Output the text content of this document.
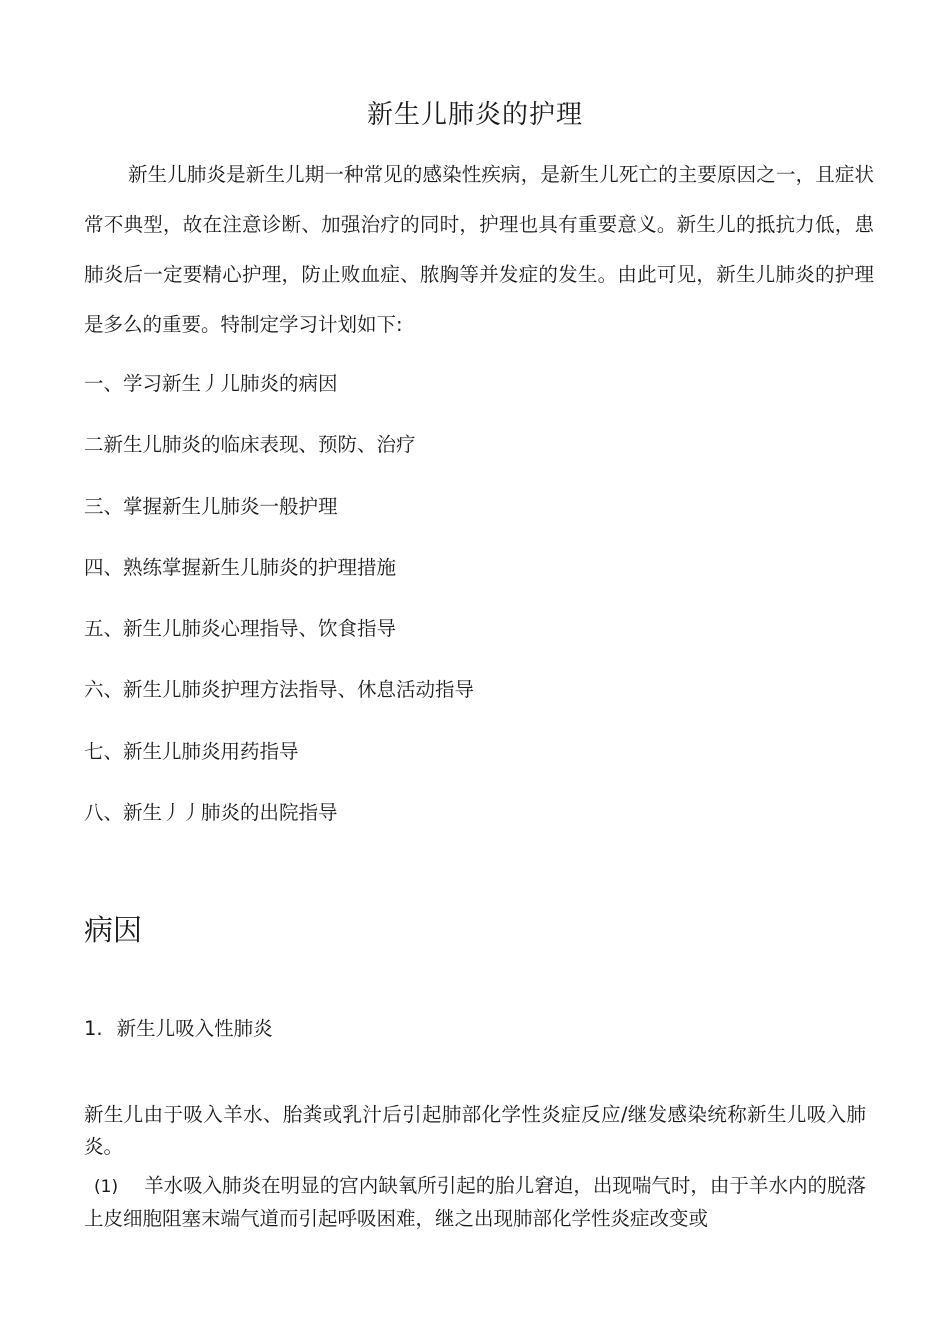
新生儿肺炎的护理

新生儿肺炎是新生儿期一种常见的感染性疾病，是新生儿死亡的主要原因之一，且症状常不典型，故在注意诊断、加强治疗的同时，护理也具有重要意义。新生儿的抵抗力低，患肺炎后一定要精心护理，防止败血症、脓胸等并发症的发生。由此可见，新生儿肺炎的护理是多么的重要。特制定学习计划如下:

一、学习新生丿儿肺炎的病因
二新生儿肺炎的临床表现、预防、治疗
三、掌握新生儿肺炎一般护理
四、熟练掌握新生儿肺炎的护理措施
五、新生儿肺炎心理指导、饮食指导
六、新生儿肺炎护理方法指导、休息活动指导
七、新生儿肺炎用药指导
八、新生丿丿肺炎的出院指导
病因
1. 新生儿吸入性肺炎

新生儿由于吸入羊水、胎粪或乳汁后引起肺部化学性炎症反应/继发感染统称新生儿吸入肺炎。

(1) 羊水吸入肺炎在明显的宫内缺氧所引起的胎儿窘迫，出现喘气时，由于羊水内的脱落上皮细胞阻塞末端气道而引起呼吸困难，继之出现肺部化学性炎症改变或
